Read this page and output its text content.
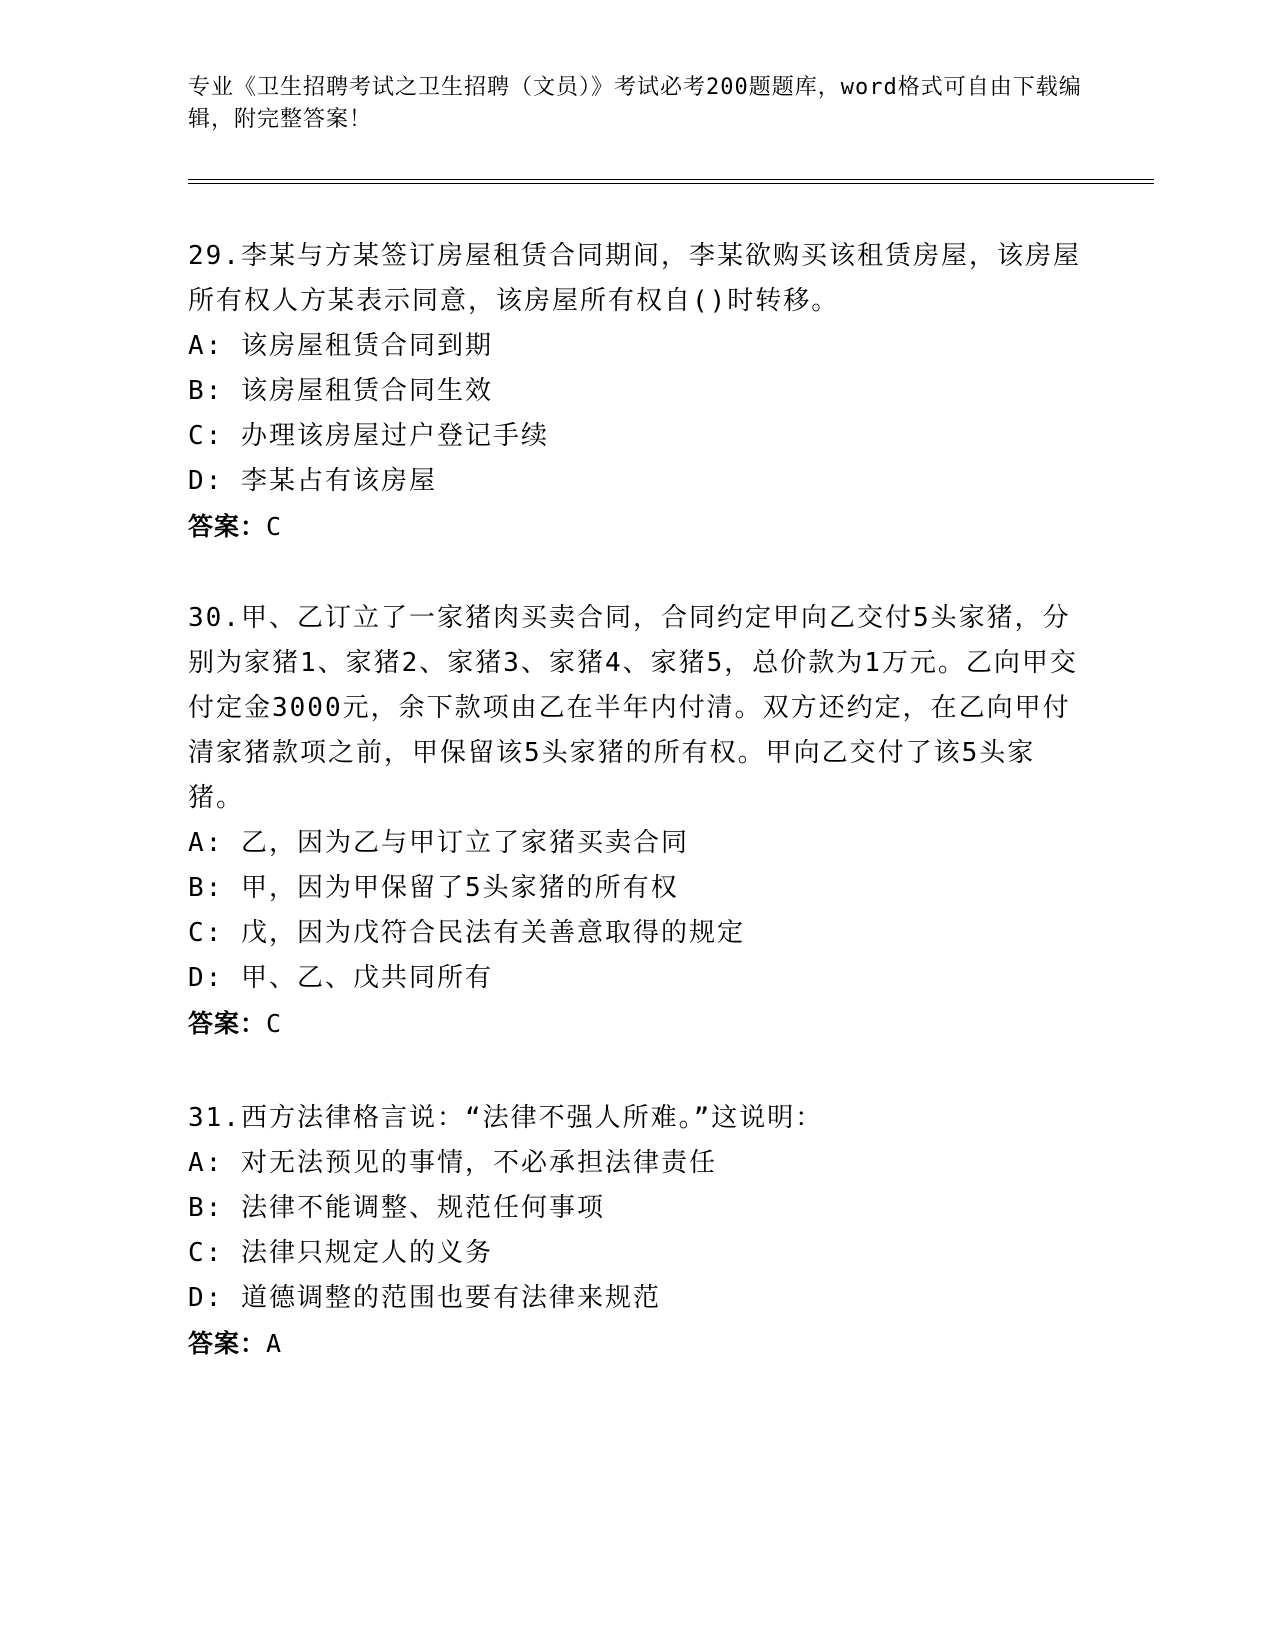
专业《卫生招聘考试之卫生招聘（文员）》考试必考200题题库，word格式可自由下载编辑，附完整答案！

29.李某与方某签订房屋租赁合同期间，李某欲购买该租赁房屋，该房屋所有权人方某表示同意，该房屋所有权自()时转移。

A: 该房屋租赁合同到期

B: 该房屋租赁合同生效

C: 办理该房屋过户登记手续

D: 李某占有该房屋

答案：C

30.甲、乙订立了一家猪肉买卖合同，合同约定甲向乙交付5头家猪，分别为家猪1、家猪2、家猪3、家猪4、家猪5，总价款为1万元。乙向甲交付定金3000元，余下款项由乙在半年内付清。双方还约定，在乙向甲付清家猪款项之前，甲保留该5头家猪的所有权。甲向乙交付了该5头家猪。

A: 乙，因为乙与甲订立了家猪买卖合同

B: 甲，因为甲保留了5头家猪的所有权

C: 戊，因为戊符合民法有关善意取得的规定

D: 甲、乙、戊共同所有

答案：C

31.西方法律格言说：“法律不强人所难。”这说明：

A: 对无法预见的事情，不必承担法律责任

B: 法律不能调整、规范任何事项

C: 法律只规定人的义务

D: 道德调整的范围也要有法律来规范

答案：A
